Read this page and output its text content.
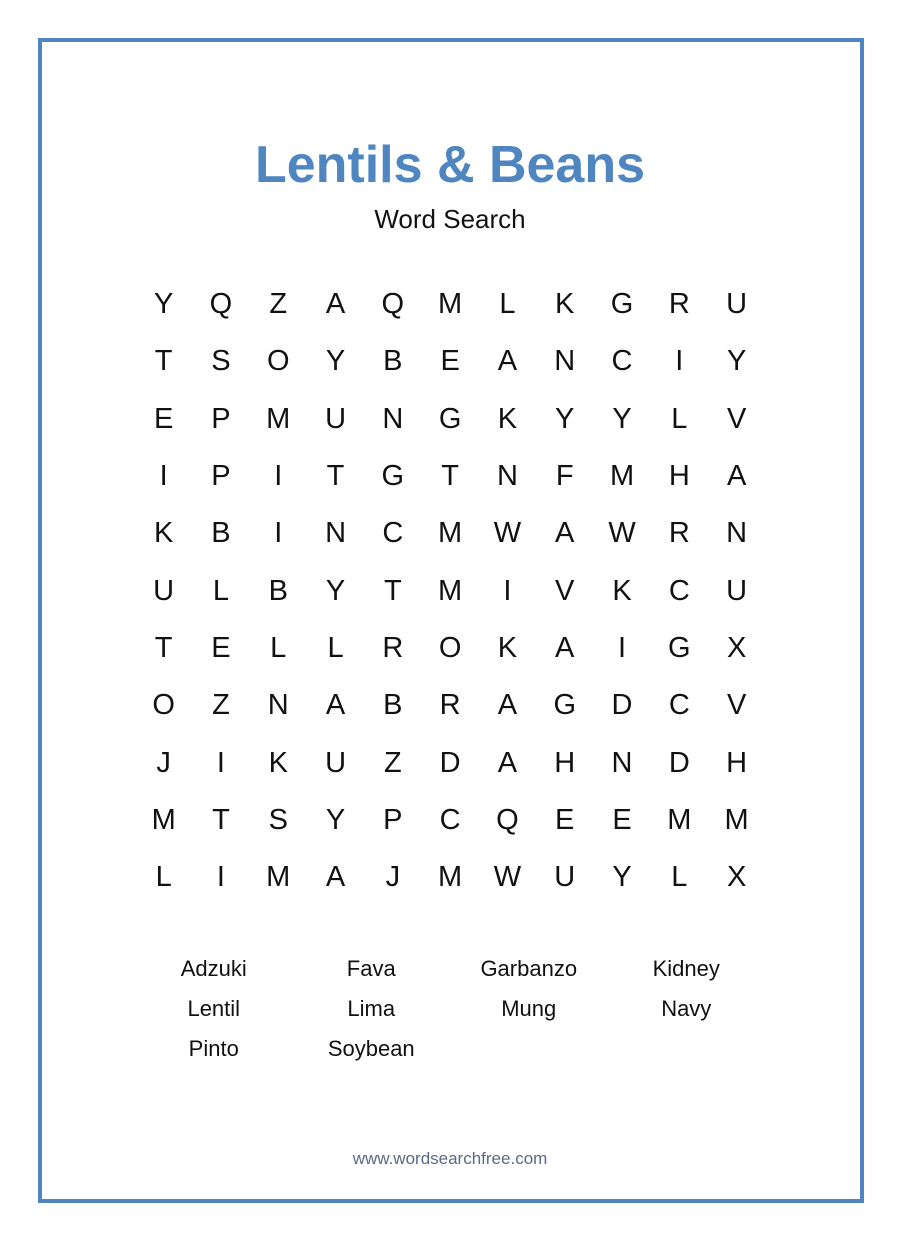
Lentils & Beans
Word Search
Y	Q	Z	A	Q	M	L	K	G	R	U
T	S	O	Y	B	E	A	N	C	I	Y
E	P	M	U	N	G	K	Y	Y	L	V
I	P	I	T	G	T	N	F	M	H	A
K	B	I	N	C	M	W	A	W	R	N
U	L	B	Y	T	M	I	V	K	C	U
T	E	L	L	R	O	K	A	I	G	X
O	Z	N	A	B	R	A	G	D	C	V
J	I	K	U	Z	D	A	H	N	D	H
M	T	S	Y	P	C	Q	E	E	M	M
L	I	M	A	J	M	W	U	Y	L	X
Adzuki	Fava	Garbanzo	Kidney
Lentil	Lima	Mung	Navy
Pinto	Soybean
www.wordsearchfree.com
